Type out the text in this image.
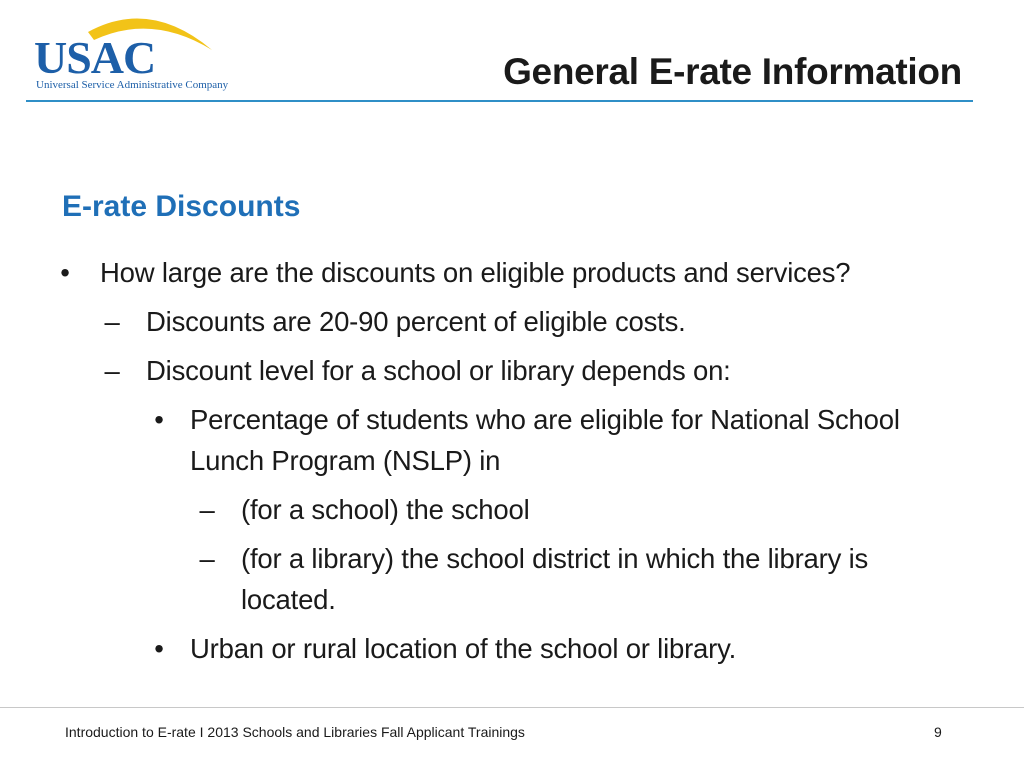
USAC
Universal Service Administrative Company	General E-rate Information
E-rate Discounts
• How large are the discounts on eligible products and services?
– Discounts are 20-90 percent of eligible costs.
– Discount level for a school or library depends on:
• Percentage of students who are eligible for National School Lunch Program (NSLP) in
– (for a school) the school
– (for a library) the school district in which the library is located.
• Urban or rural location of the school or library.
Introduction to E-rate I 2013 Schools and Libraries Fall Applicant Trainings	9
